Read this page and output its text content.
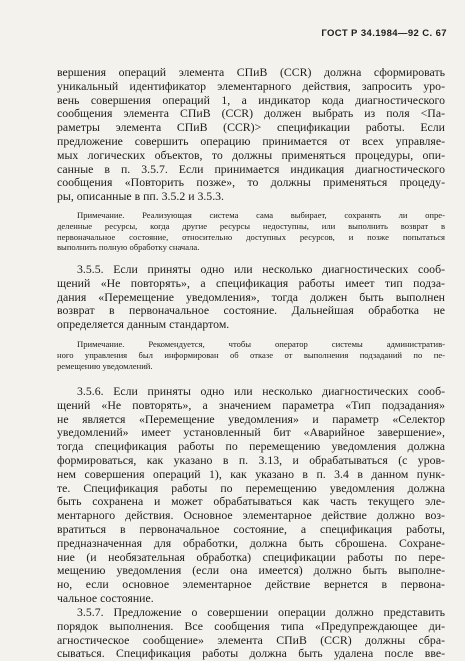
ГОСТ Р 34.1984—92 С. 67
вершения операций элемента СПиВ (CCR) должна сформировать
уникальный идентификатор элементарного действия, запросить уро-
вень совершения операций 1, а индикатор кода диагностического
сообщения элемента СПиВ (CCR) должен выбрать из поля <Па-
раметры элемента СПиВ (CCR)> спецификации работы. Если
предложение совершить операцию принимается от всех управляе-
мых логических объектов, то должны применяться процедуры, опи-
санные в п. 3.5.7. Если принимается индикация диагностического
сообщения «Повторить позже», то должны применяться процеду-
ры, описанные в пп. 3.5.2 и 3.5.3.
Примечание. Реализующая система сама выбирает, сохранять ли опре-
деленные ресурсы, когда другие ресурсы недоступны, или выполнить возврат в
первоначальное состояние, относительно доступных ресурсов, и позже попытаться
выполнить полную обработку сначала.
3.5.5. Если приняты одно или несколько диагностических сооб-
щений «Не повторять», а спецификация работы имеет тип подза-
дания «Перемещение уведомления», тогда должен быть выполнен
возврат в первоначальное состояние. Дальнейшая обработка не
определяется данным стандартом.
Примечание. Рекомендуется, чтобы оператор системы административ-
ного управления был информирован об отказе от выполнения подзаданий по пе-
ремещению уведомлений.
3.5.6. Если приняты одно или несколько диагностических сооб-
щений «Не повторять», а значением параметра «Тип подзадания»
не является «Перемещение уведомления» и параметр «Селектор
уведомлений» имеет установленный бит «Аварийное завершение»,
тогда спецификация работы по перемещению уведомления должна
формироваться, как указано в п. 3.13, и обрабатываться (с уров-
нем совершения операций 1), как указано в п. 3.4 в данном пунк-
те. Спецификация работы по перемещению уведомления должна
быть сохранена и может обрабатываться как часть текущего эле-
ментарного действия. Основное элементарное действие должно воз-
вратиться в первоначальное состояние, а спецификация работы,
предназначенная для обработки, должна быть сброшена. Сохране-
ние (и необязательная обработка) спецификации работы по пере-
мещению уведомления (если она имеется) должно быть выполне-
но, если основное элементарное действие вернется в первона-
чальное состояние.
3.5.7. Предложение о совершении операции должно представить
порядок выполнения. Все сообщения типа «Предупреждающее ди-
агностическое сообщение» элемента СПиВ (CCR) должны сбра-
сываться. Спецификация работы должна быть удалена после вве-
